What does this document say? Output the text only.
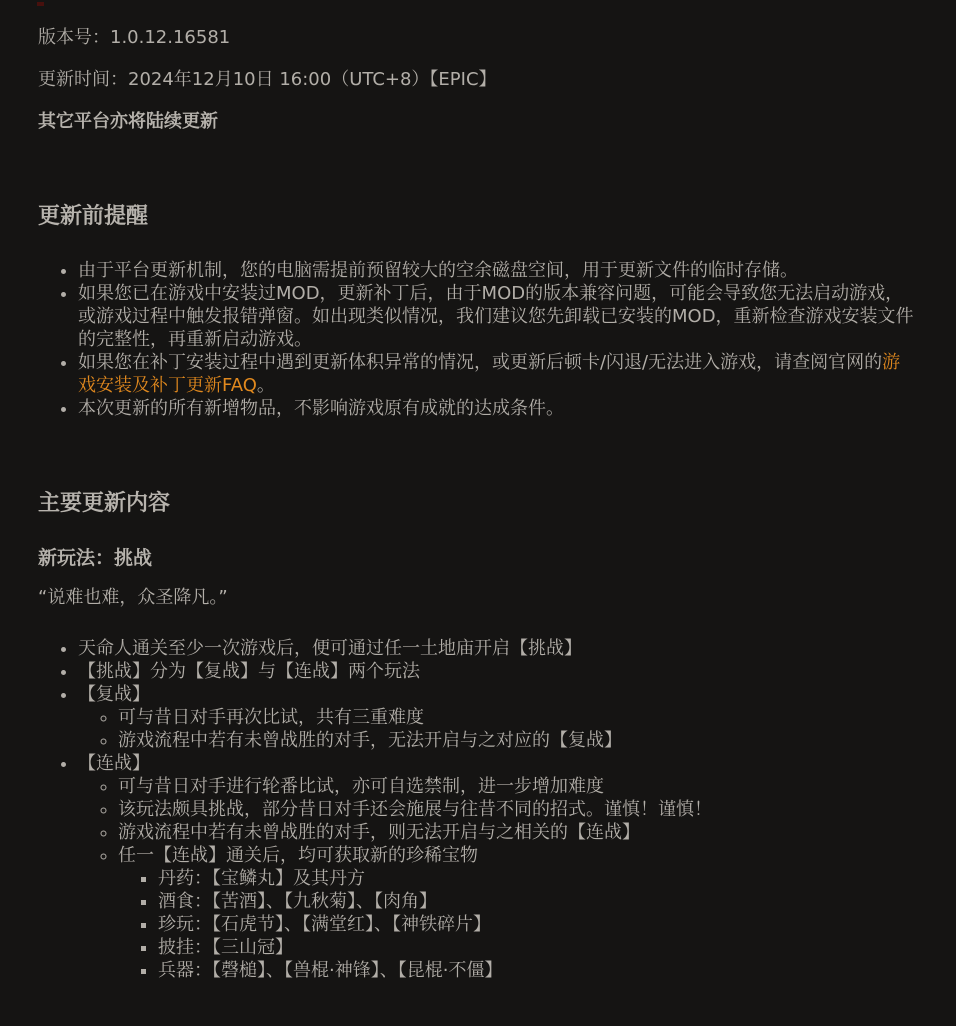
版本号：1.0.12.16581

更新时间：2024年12月10日 16:00（UTC+8）【EPIC】

其它平台亦将陆续更新

更新前提醒
• 由于平台更新机制，您的电脑需提前预留较大的空余磁盘空间，用于更新文件的临时存储。
• 如果您已在游戏中安装过MOD，更新补丁后，由于MOD的版本兼容问题，可能会导致您无法启动游戏，或游戏过程中触发报错弹窗。如出现类似情况，我们建议您先卸载已安装的MOD，重新检查游戏安装文件的完整性，再重新启动游戏。
• 如果您在补丁安装过程中遇到更新体积异常的情况，或更新后顿卡/闪退/无法进入游戏，请查阅官网的游戏安装及补丁更新FAQ。
• 本次更新的所有新增物品，不影响游戏原有成就的达成条件。
主要更新内容
新玩法：挑战

“说难也难，众圣降凡。”

• 天命人通关至少一次游戏后，便可通过任一土地庙开启【挑战】
• 【挑战】分为【复战】与【连战】两个玩法
• 【复战】
◦ 可与昔日对手再次比试，共有三重难度
◦ 游戏流程中若有未曾战胜的对手，无法开启与之对应的【复战】
• 【连战】
◦ 可与昔日对手进行轮番比试，亦可自选禁制，进一步增加难度
◦ 该玩法颇具挑战，部分昔日对手还会施展与往昔不同的招式。谨慎！谨慎！
◦ 游戏流程中若有未曾战胜的对手，则无法开启与之相关的【连战】
◦ 任一【连战】通关后，均可获取新的珍稀宝物
▪ 丹药：【宝鳞丸】及其丹方
▪ 酒食：【苦酒】、【九秋菊】、【肉角】
▪ 珍玩：【石虎节】、【满堂红】、【神铁碎片】
▪ 披挂：【三山冠】
▪ 兵器：【磬槌】、【兽棍·神锋】、【昆棍·不僵】
